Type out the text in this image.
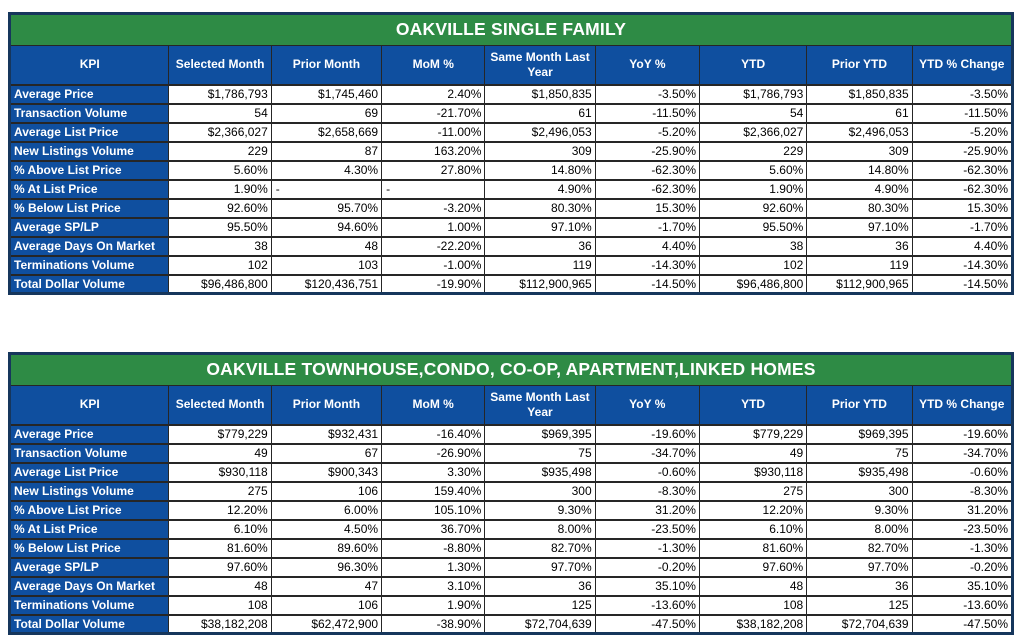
OAKVILLE SINGLE FAMILY								
KPI	Selected Month	Prior Month	MoM %	Same Month Last Year	YoY %	YTD	Prior YTD	YTD % Change
Average Price	$1,786,793	$1,745,460	2.40%	$1,850,835	-3.50%	$1,786,793	$1,850,835	-3.50%
Transaction Volume	54	69	-21.70%	61	-11.50%	54	61	-11.50%
Average List Price	$2,366,027	$2,658,669	-11.00%	$2,496,053	-5.20%	$2,366,027	$2,496,053	-5.20%
New Listings Volume	229	87	163.20%	309	-25.90%	229	309	-25.90%
% Above List Price	5.60%	4.30%	27.80%	14.80%	-62.30%	5.60%	14.80%	-62.30%
% At List Price	1.90%	-	-	4.90%	-62.30%	1.90%	4.90%	-62.30%
% Below List Price	92.60%	95.70%	-3.20%	80.30%	15.30%	92.60%	80.30%	15.30%
Average SP/LP	95.50%	94.60%	1.00%	97.10%	-1.70%	95.50%	97.10%	-1.70%
Average Days On Market	38	48	-22.20%	36	4.40%	38	36	4.40%
Terminations Volume	102	103	-1.00%	119	-14.30%	102	119	-14.30%
Total Dollar Volume	$96,486,800	$120,436,751	-19.90%	$112,900,965	-14.50%	$96,486,800	$112,900,965	-14.50%
OAKVILLE TOWNHOUSE,CONDO, CO-OP, APARTMENT,LINKED HOMES								
KPI	Selected Month	Prior Month	MoM %	Same Month Last Year	YoY %	YTD	Prior YTD	YTD % Change
Average Price	$779,229	$932,431	-16.40%	$969,395	-19.60%	$779,229	$969,395	-19.60%
Transaction Volume	49	67	-26.90%	75	-34.70%	49	75	-34.70%
Average List Price	$930,118	$900,343	3.30%	$935,498	-0.60%	$930,118	$935,498	-0.60%
New Listings Volume	275	106	159.40%	300	-8.30%	275	300	-8.30%
% Above List Price	12.20%	6.00%	105.10%	9.30%	31.20%	12.20%	9.30%	31.20%
% At List Price	6.10%	4.50%	36.70%	8.00%	-23.50%	6.10%	8.00%	-23.50%
% Below List Price	81.60%	89.60%	-8.80%	82.70%	-1.30%	81.60%	82.70%	-1.30%
Average SP/LP	97.60%	96.30%	1.30%	97.70%	-0.20%	97.60%	97.70%	-0.20%
Average Days On Market	48	47	3.10%	36	35.10%	48	36	35.10%
Terminations Volume	108	106	1.90%	125	-13.60%	108	125	-13.60%
Total Dollar Volume	$38,182,208	$62,472,900	-38.90%	$72,704,639	-47.50%	$38,182,208	$72,704,639	-47.50%
